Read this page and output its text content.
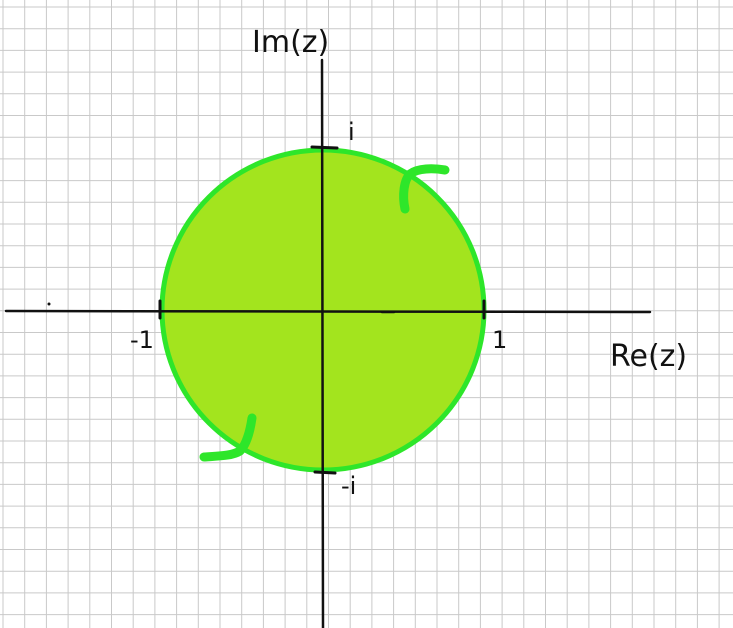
Im(z)
Re(z)
i
-i
-1	1
